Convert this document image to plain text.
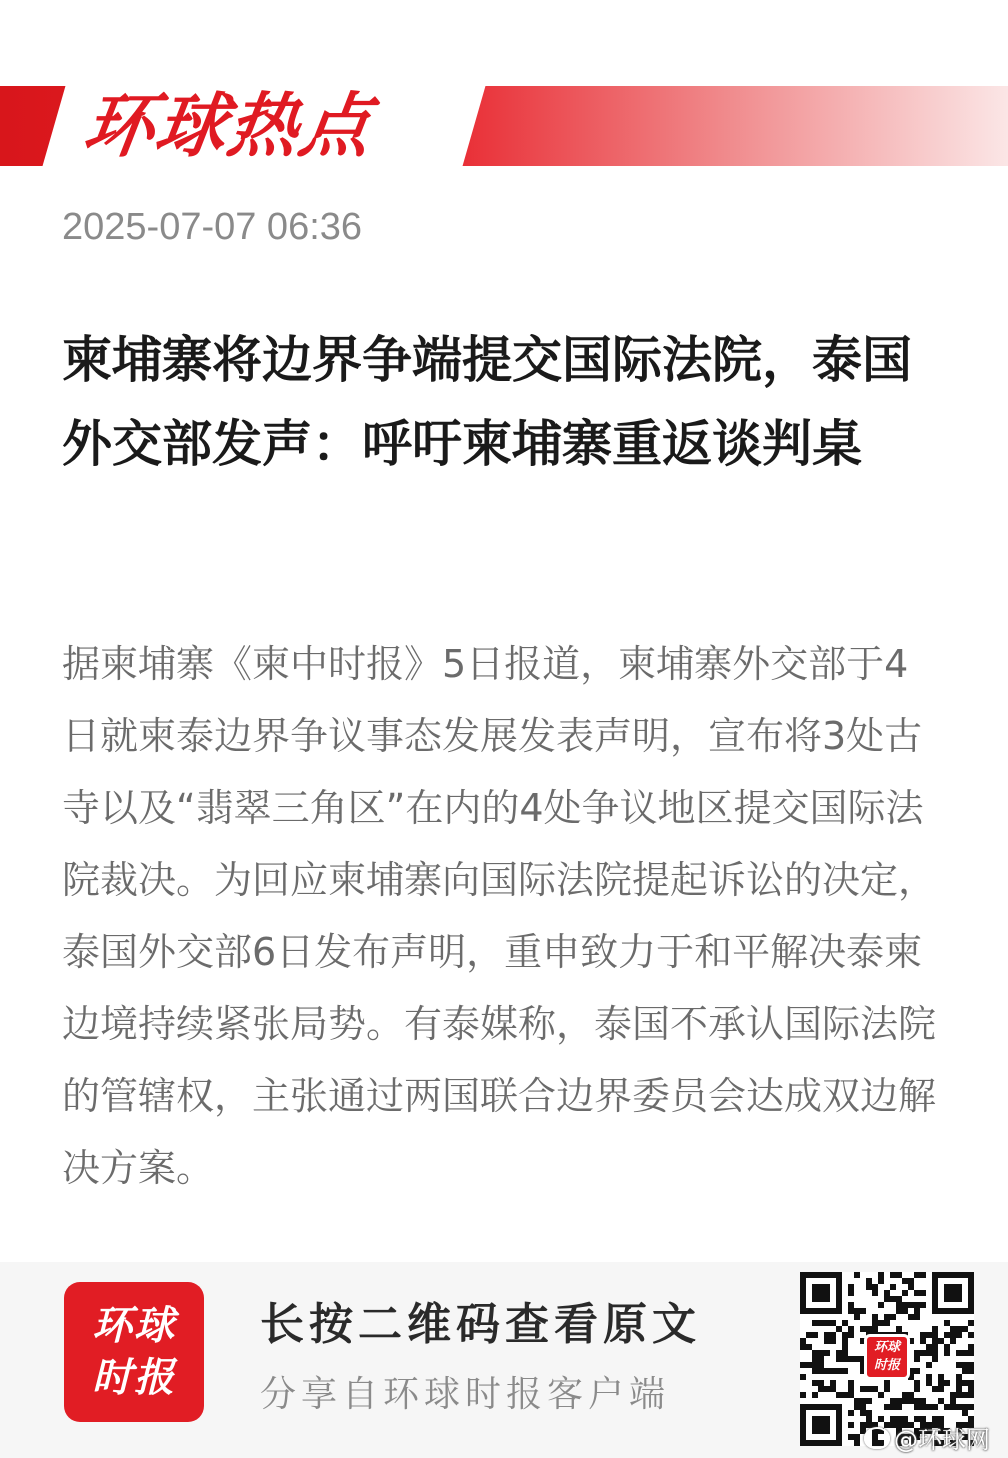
环球热点
2025-07-07 06:36
柬埔寨将边界争端提交国际法院，泰国外交部发声：呼吁柬埔寨重返谈判桌
据柬埔寨《柬中时报》5日报道，柬埔寨外交部于4日就柬泰边界争议事态发展发表声明，宣布将3处古寺以及“翡翠三角区”在内的4处争议地区提交国际法院裁决。为回应柬埔寨向国际法院提起诉讼的决定，泰国外交部6日发布声明，重申致力于和平解决泰柬边境持续紧张局势。有泰媒称，泰国不承认国际法院的管辖权，主张通过两国联合边界委员会达成双边解决方案。
环球
时报
长按二维码查看原文
分享自环球时报客户端
环球
时报
@环球网
